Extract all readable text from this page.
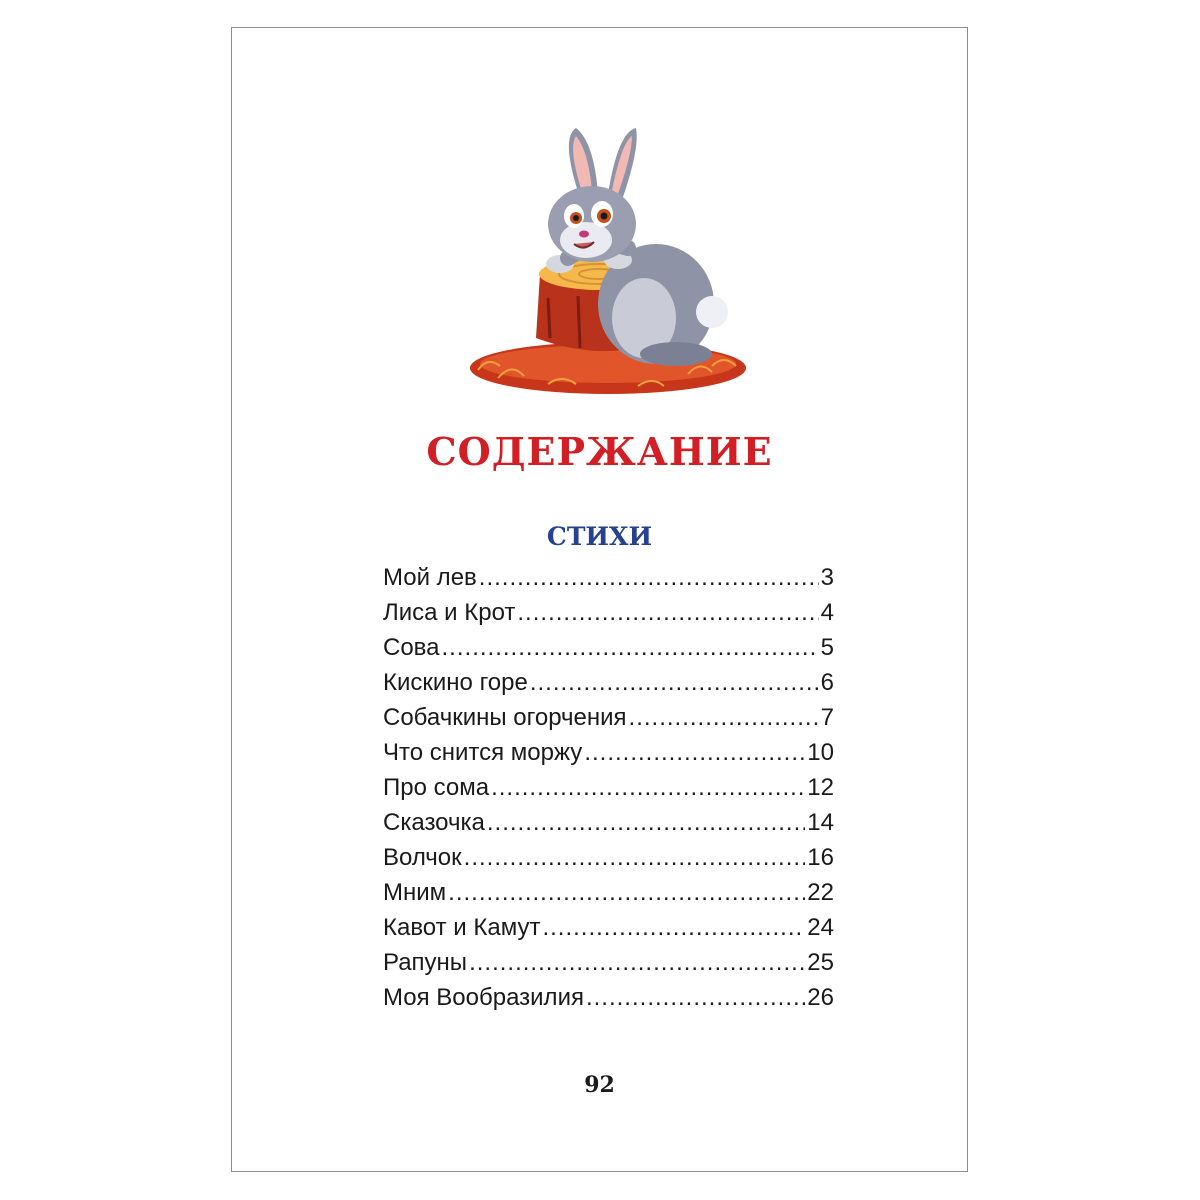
СОДЕРЖАНИЕ
СТИХИ
Мой лев .....	3
Лиса и Крот .....	4
Сова .....	5
Кискино горе .....	6
Собачкины огорчения .....	7
Что снится моржу .....	10
Про сома .....	12
Сказочка .....	14
Волчок .....	16
Мним .....	22
Кавот и Камут .....	24
Рапуны .....	25
Моя Вообразилия .....	26
92
